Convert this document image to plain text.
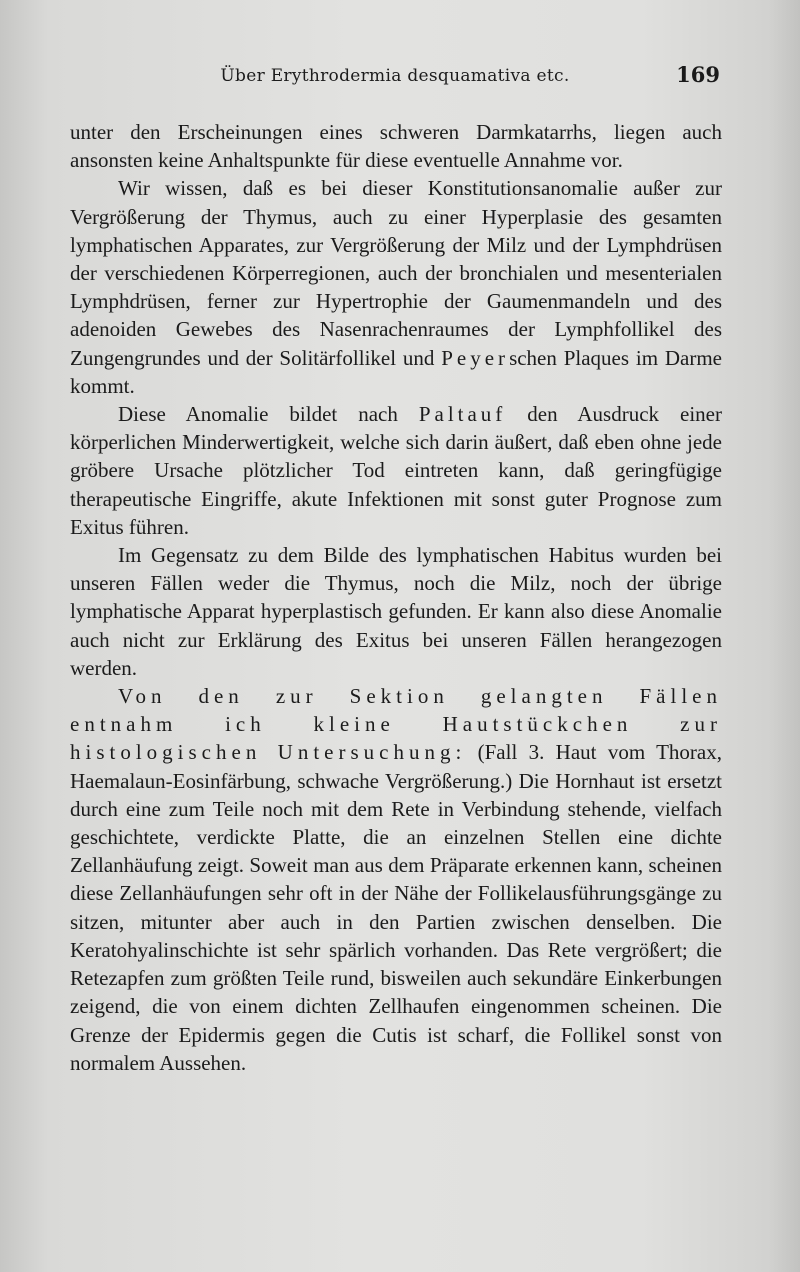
Über Erythrodermia desquamativa etc.	169

unter den Erscheinungen eines schweren Darmkatarrhs, liegen auch ansonsten keine Anhaltspunkte für diese eventuelle Annahme vor.

Wir wissen, daß es bei dieser Konstitutionsanomalie außer zur Vergrößerung der Thymus, auch zu einer Hyperplasie des gesamten lymphatischen Apparates, zur Vergrößerung der Milz und der Lymphdrüsen der verschiedenen Körperregionen, auch der bronchialen und mesenterialen Lymphdrüsen, ferner zur Hypertrophie der Gaumenmandeln und des adenoiden Gewebes des Nasenrachenraumes der Lymphfollikel des Zungengrundes und der Solitärfollikel und Peyerschen Plaques im Darme kommt.

Diese Anomalie bildet nach Paltauf den Ausdruck einer körperlichen Minderwertigkeit, welche sich darin äußert, daß eben ohne jede gröbere Ursache plötzlicher Tod eintreten kann, daß geringfügige therapeutische Eingriffe, akute Infektionen mit sonst guter Prognose zum Exitus führen.

Im Gegensatz zu dem Bilde des lymphatischen Habitus wurden bei unseren Fällen weder die Thymus, noch die Milz, noch der übrige lymphatische Apparat hyperplastisch gefunden. Er kann also diese Anomalie auch nicht zur Erklärung des Exitus bei unseren Fällen herangezogen werden.

Von den zur Sektion gelangten Fällen entnahm ich kleine Hautstückchen zur histologischen Untersuchung: (Fall 3. Haut vom Thorax, Haemalaun-Eosinfärbung, schwache Vergrößerung.) Die Hornhaut ist ersetzt durch eine zum Teile noch mit dem Rete in Verbindung stehende, vielfach geschichtete, verdickte Platte, die an einzelnen Stellen eine dichte Zellanhäufung zeigt. Soweit man aus dem Präparate erkennen kann, scheinen diese Zellanhäufungen sehr oft in der Nähe der Follikelausführungsgänge zu sitzen, mitunter aber auch in den Partien zwischen denselben. Die Keratohyalinschichte ist sehr spärlich vorhanden. Das Rete vergrößert; die Retezapfen zum größten Teile rund, bisweilen auch sekundäre Einkerbungen zeigend, die von einem dichten Zellhaufen eingenommen scheinen. Die Grenze der Epidermis gegen die Cutis ist scharf, die Follikel sonst von normalem Aussehen.
